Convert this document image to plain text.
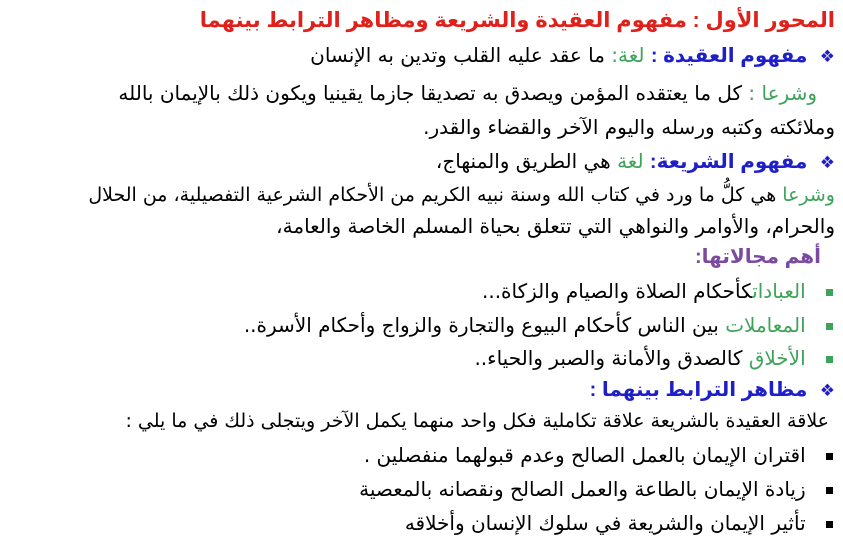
المحور الأول : مفهوم العقيدة والشريعة ومظاهر الترابط بينهما
❖ مفهوم العقيدة : لغة: ما عقد عليه القلب وتدين به الإنسان
وشرعا : كل ما يعتقده المؤمن ويصدق به تصديقا جازما يقينيا ويكون ذلك بالإيمان بالله
وملائكته وكتبه ورسله واليوم الآخر والقضاء والقدر.
❖ مفهوم الشريعة: لغة هي الطريق والمنهاج،
وشرعا هي كلُّ ما ورد في كتاب الله وسنة نبيه الكريم من الأحكام الشرعية التفصيلية، من الحلال
والحرام، والأوامر والنواهي التي تتعلق بحياة المسلم الخاصة والعامة،
أهم مجالاتها:
العباداتكأحكام الصلاة والصيام والزكاة...
المعاملات بين الناس كأحكام البيوع والتجارة والزواج وأحكام الأسرة..
الأخلاق كالصدق والأمانة والصبر والحياء..
❖ مظاهر الترابط بينهما :
علاقة العقيدة بالشريعة علاقة تكاملية فكل واحد منهما يكمل الآخر ويتجلى ذلك في ما يلي :
اقتران الإيمان بالعمل الصالح وعدم قبولهما منفصلين .
زيادة الإيمان بالطاعة والعمل الصالح ونقصانه بالمعصية
تأثير الإيمان والشريعة في سلوك الإنسان وأخلاقه
